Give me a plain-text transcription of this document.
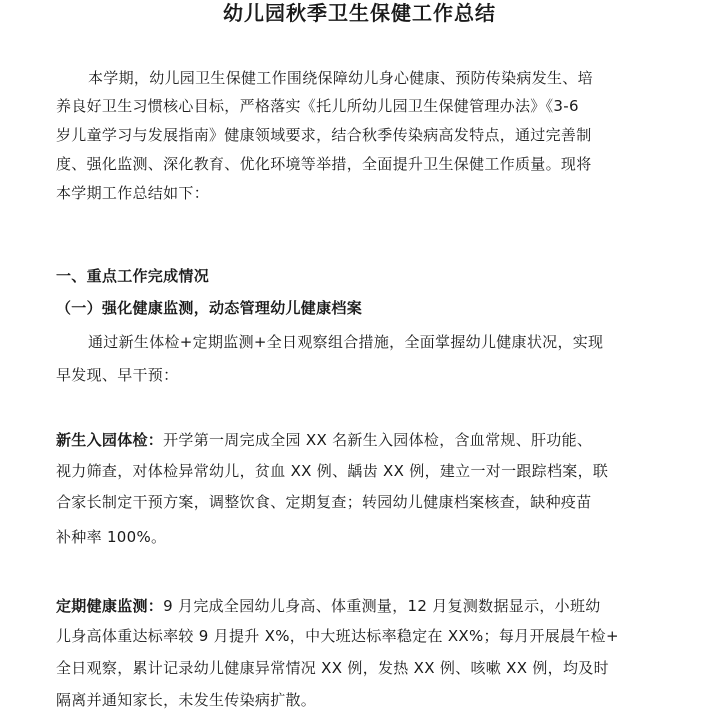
幼儿园秋季卫生保健工作总结
本学期，幼儿园卫生保健工作围绕保障幼儿身心健康、预防传染病发生、培
养良好卫生习惯核心目标，严格落实《托儿所幼儿园卫生保健管理办法》《3-6
岁儿童学习与发展指南》健康领域要求，结合秋季传染病高发特点，通过完善制
度、强化监测、深化教育、优化环境等举措，全面提升卫生保健工作质量。现将
本学期工作总结如下：
一、重点工作完成情况
（一）强化健康监测，动态管理幼儿健康档案
通过新生体检+定期监测+全日观察组合措施，全面掌握幼儿健康状况，实现
早发现、早干预：
新生入园体检：开学第一周完成全园 XX 名新生入园体检，含血常规、肝功能、
视力筛查，对体检异常幼儿，贫血 XX 例、龋齿 XX 例，建立一对一跟踪档案，联
合家长制定干预方案，调整饮食、定期复查；转园幼儿健康档案核查，缺种疫苗
补种率 100%。
定期健康监测：9 月完成全园幼儿身高、体重测量，12 月复测数据显示，小班幼
儿身高体重达标率较 9 月提升 X%，中大班达标率稳定在 XX%；每月开展晨午检+
全日观察，累计记录幼儿健康异常情况 XX 例，发热 XX 例、咳嗽 XX 例，均及时
隔离并通知家长，未发生传染病扩散。
